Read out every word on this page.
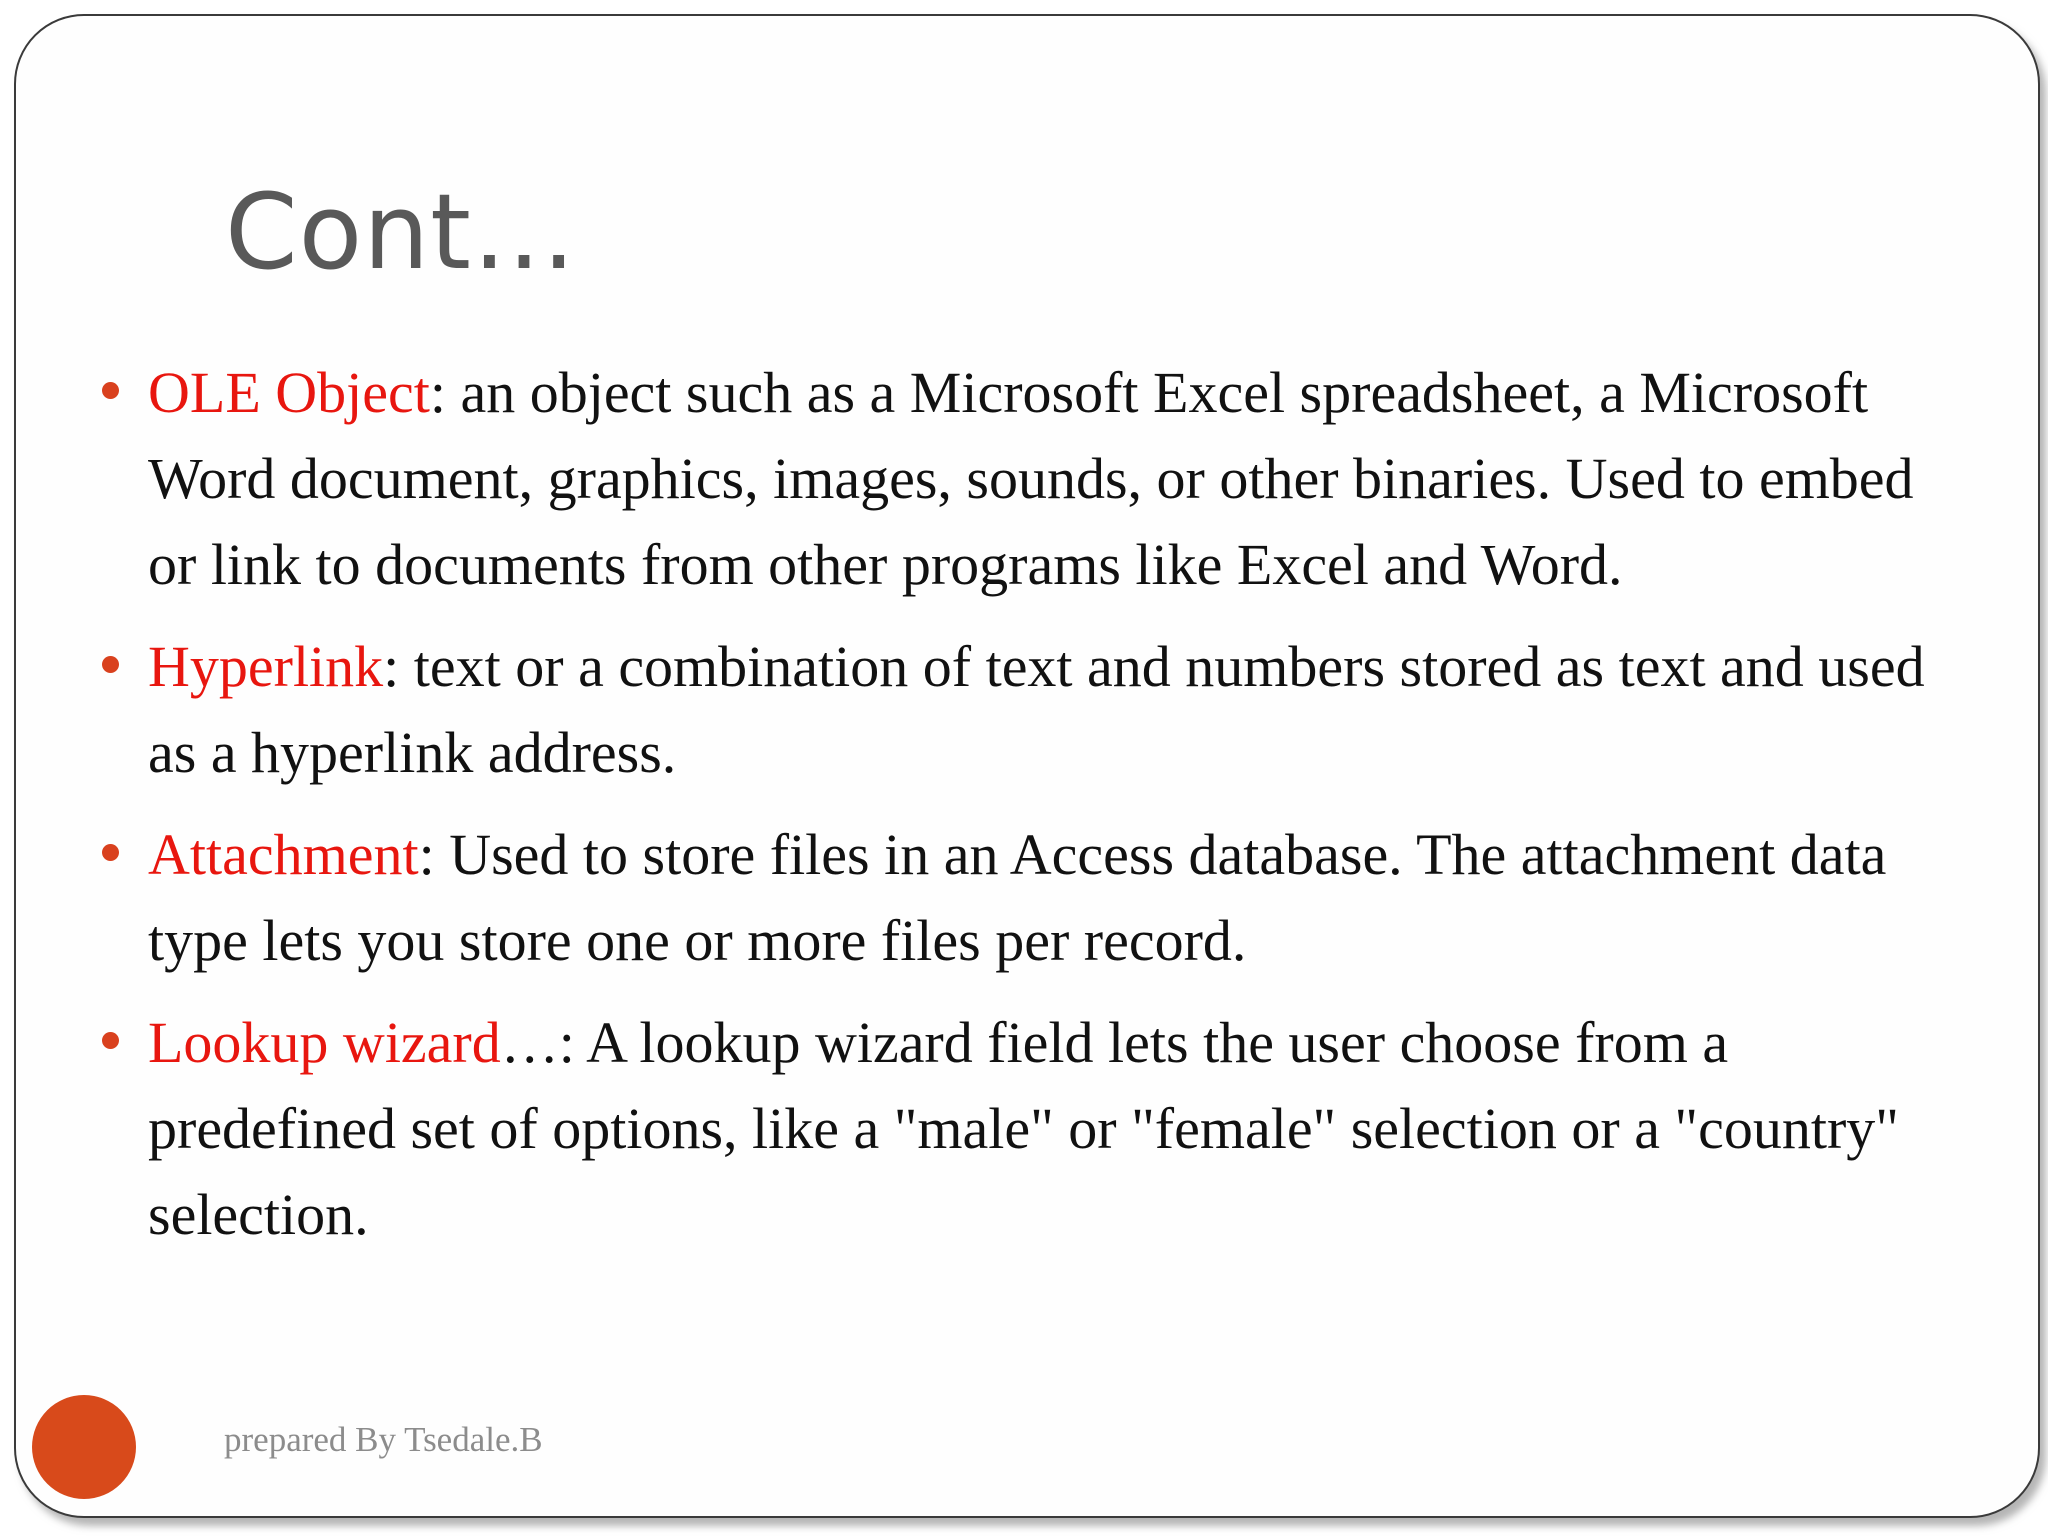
Cont…

OLE Object: an object such as a Microsoft Excel spreadsheet, a Microsoft Word document, graphics, images, sounds, or other binaries. Used to embed or link to documents from other programs like Excel and Word.

Hyperlink: text or a combination of text and numbers stored as text and used as a hyperlink address.

Attachment: Used to store files in an Access database. The attachment data type lets you store one or more files per record.

Lookup wizard…: A lookup wizard field lets the user choose from a predefined set of options, like a "male" or "female" selection or a "country" selection.

prepared By Tsedale.B
